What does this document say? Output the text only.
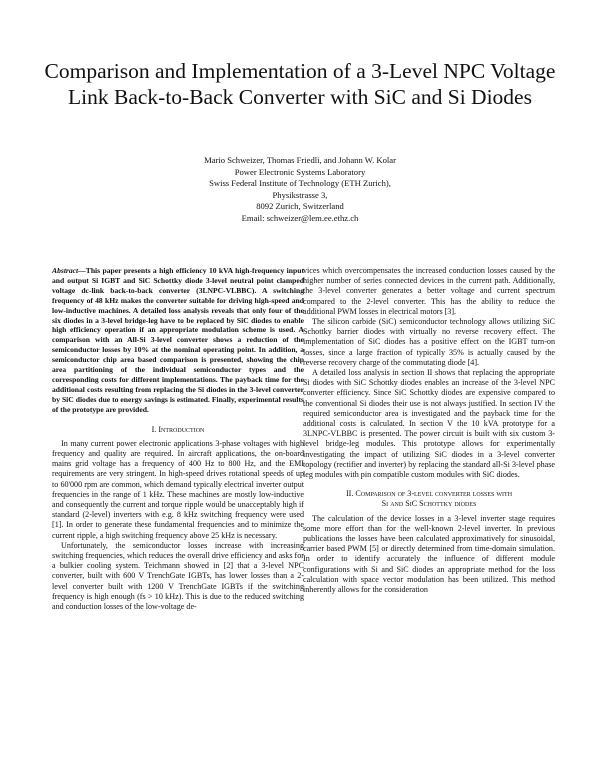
Comparison and Implementation of a 3-Level NPC Voltage Link Back-to-Back Converter with SiC and Si Diodes
Mario Schweizer, Thomas Friedli, and Johann W. Kolar
Power Electronic Systems Laboratory
Swiss Federal Institute of Technology (ETH Zurich),
Physikstrasse 3,
8092 Zurich, Switzerland
Email: schweizer@lem.ee.ethz.ch
Abstract—This paper presents a high efficiency 10 kVA high-frequency input and output Si IGBT and SiC Schottky diode 3-level neutral point clamped voltage dc-link back-to-back converter (3LNPC-VLBBC). A switching frequency of 48 kHz makes the converter suitable for driving high-speed and low-inductive machines. A detailed loss analysis reveals that only four of the six diodes in a 3-level bridge-leg have to be replaced by SiC diodes to enable high efficiency operation if an appropriate modulation scheme is used. A comparison with an All-Si 3-level converter shows a reduction of the semiconductor losses by 10% at the nominal operating point. In addition, a semiconductor chip area based comparison is presented, showing the chip area partitioning of the individual semiconductor types and the corresponding costs for different implementations. The payback time for the additional costs resulting from replacing the Si diodes in the 3-level converter by SiC diodes due to energy savings is estimated. Finally, experimental results of the prototype are provided.
I. Introduction

In many current power electronic applications 3-phase voltages with high frequency and quality are required. In aircraft applications, the on-board mains grid voltage has a frequency of 400 Hz to 800 Hz, and the EMI requirements are very stringent. In high-speed drives rotational speeds of up to 60'000 rpm are common, which demand typically electrical inverter output frequencies in the range of 1 kHz. These machines are mostly low-inductive and consequently the current and torque ripple would be unacceptably high if standard (2-level) inverters with e.g. 8 kHz switching frequency were used [1]. In order to generate these fundamental frequencies and to minimize the current ripple, a high switching frequency above 25 kHz is necessary.

Unfortunately, the semiconductor losses increase with increasing switching frequencies, which reduces the overall drive efficiency and asks for a bulkier cooling system. Teichmann showed in [2] that a 3-level NPC converter, built with 600 V TrenchGate IGBTs, has lower losses than a 2-level converter built with 1200 V TrenchGate IGBTs if the switching frequency is high enough (fs > 10 kHz). This is due to the reduced switching and conduction losses of the low-voltage de-

vices which overcompensates the increased conduction losses caused by the higher number of series connected devices in the current path. Additionally, the 3-level converter generates a better voltage and current spectrum compared to the 2-level converter. This has the ability to reduce the additional PWM losses in electrical motors [3].

The silicon carbide (SiC) semiconductor technology allows utilizing SiC Schottky barrier diodes with virtually no reverse recovery effect. The implementation of SiC diodes has a positive effect on the IGBT turn-on losses, since a large fraction of typically 35% is actually caused by the reverse recovery charge of the commutating diode [4].

A detailed loss analysis in section II shows that replacing the appropriate Si diodes with SiC Schottky diodes enables an increase of the 3-level NPC converter efficiency. Since SiC Schottky diodes are expensive compared to the conventional Si diodes their use is not always justified. In section IV the required semiconductor area is investigated and the payback time for the additional costs is calculated. In section V the 10 kVA prototype for a 3LNPC-VLBBC is presented. The power circuit is built with six custom 3-level bridge-leg modules. This prototype allows for experimentally investigating the impact of utilizing SiC diodes in a 3-level converter topology (rectifier and inverter) by replacing the standard all-Si 3-level phase leg modules with pin compatible custom modules with SiC diodes.

II. Comparison of 3-level converter losses with
Si and SiC Schottky diodes

The calculation of the device losses in a 3-level inverter stage requires some more effort than for the well-known 2-level inverter. In previous publications the losses have been calculated approximatively for sinusoidal, carrier based PWM [5] or directly determined from time-domain simulation. In order to identify accurately the influence of different module configurations with Si and SiC diodes an appropriate method for the loss calculation with space vector modulation has been utilized. This method inherently allows for the consideration
